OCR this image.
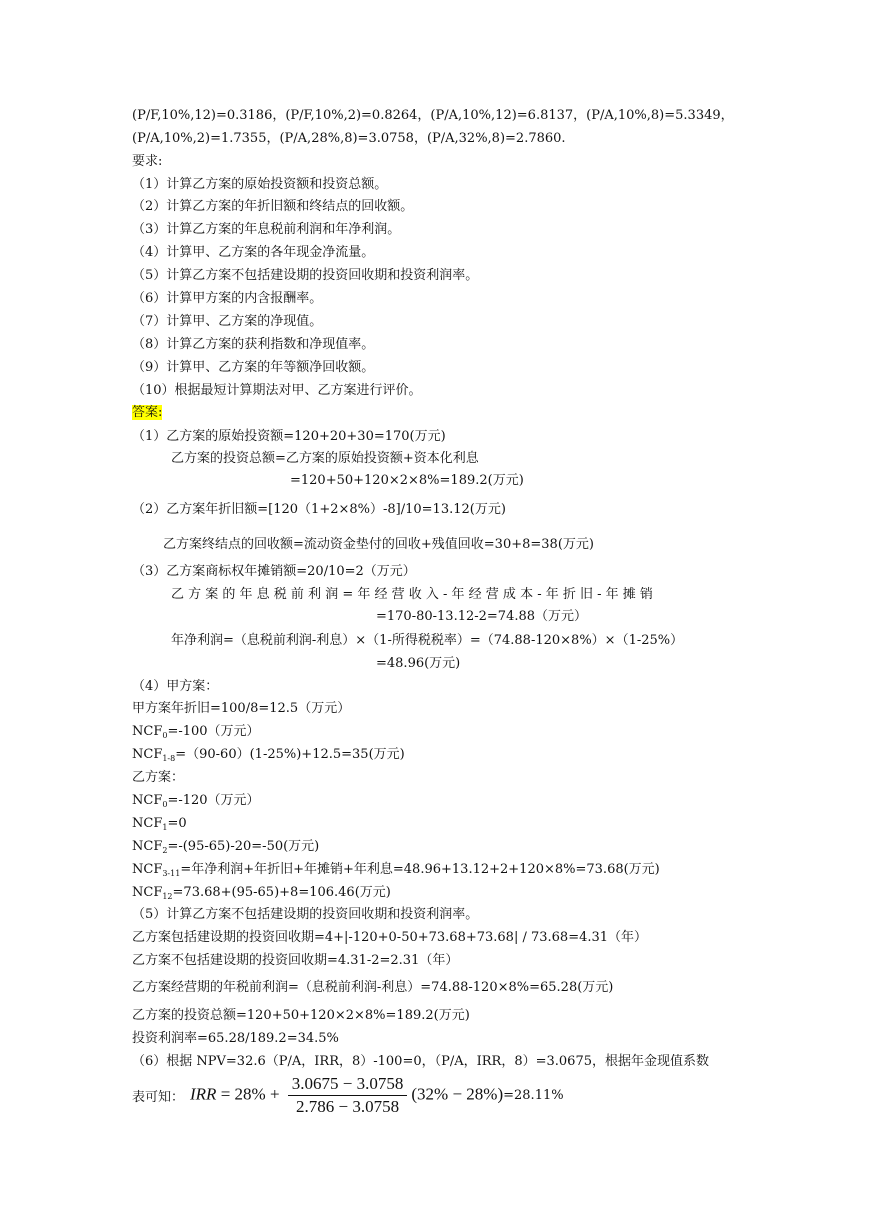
(P/F,10%,12)=0.3186，(P/F,10%,2)=0.8264，(P/A,10%,12)=6.8137，(P/A,10%,8)=5.3349，
(P/A,10%,2)=1.7355，(P/A,28%,8)=3.0758，(P/A,32%,8)=2.7860.
要求:
（1）计算乙方案的原始投资额和投资总额。
（2）计算乙方案的年折旧额和终结点的回收额。
（3）计算乙方案的年息税前利润和年净利润。
（4）计算甲、乙方案的各年现金净流量。
（5）计算乙方案不包括建设期的投资回收期和投资利润率。
（6）计算甲方案的内含报酬率。
（7）计算甲、乙方案的净现值。
（8）计算乙方案的获利指数和净现值率。
（9）计算甲、乙方案的年等额净回收额。
（10）根据最短计算期法对甲、乙方案进行评价。
答案:
（1）乙方案的原始投资额=120+20+30=170(万元)
乙方案的投资总额=乙方案的原始投资额+资本化利息
=120+50+120×2×8%=189.2(万元)
（2）乙方案年折旧额=[120（1+2×8%）-8]/10=13.12(万元)
乙方案终结点的回收额=流动资金垫付的回收+残值回收=30+8=38(万元)
（3）乙方案商标权年摊销额=20/10=2（万元）
乙 方 案 的 年 息 税 前 利 润 = 年 经 营 收 入 - 年 经 营 成 本 - 年 折 旧 - 年 摊 销
=170-80-13.12-2=74.88（万元）
年净利润=（息税前利润-利息）×（1-所得税税率）=（74.88-120×8%）×（1-25%）
=48.96(万元)
（4）甲方案：
甲方案年折旧=100/8=12.5（万元）
$NCF_0=-100$（万元）
$NCF_{1-8}=(90-60)(1-25\%)+12.5=35$(万元)
乙方案：
$NCF_0=-120$（万元）
$NCF_1=0$
$NCF_2=-(95-65)-20=-50$(万元)
$NCF_{3-11}=$年净利润+年折旧+年摊销+年利息=48.96+13.12+2+120×8%=73.68(万元)
$NCF_{12}=73.68+(95-65)+8=106.46$(万元)
（5）计算乙方案不包括建设期的投资回收期和投资利润率。
乙方案包括建设期的投资回收期=4+|-120+0-50+73.68+73.68| / 73.68=4.31（年）
乙方案不包括建设期的投资回收期=4.31-2=2.31（年）
乙方案经营期的年税前利润=（息税前利润-利息）=74.88-120×8%=65.28(万元)
乙方案的投资总额=120+50+120×2×8%=189.2(万元)
投资利润率=65.28/189.2=34.5%
（6）根据 NPV=32.6（P/A，IRR，8）-100=0，（P/A，IRR，8）=3.0675，根据年金现值系数
表可知： IRR = $28\% + \frac{3.0675 - 3.0758}{2.786 - 3.0758} (32\% - 28\%) =28.11\%$
